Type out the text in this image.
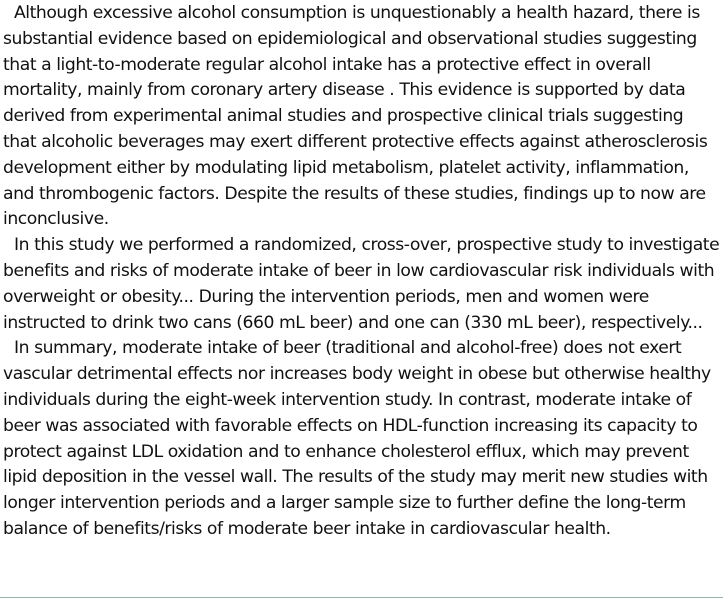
Although excessive alcohol consumption is unquestionably a health hazard, there is substantial evidence based on epidemiological and observational studies suggesting that a light-to-moderate regular alcohol intake has a protective effect in overall mortality, mainly from coronary artery disease . This evidence is supported by data derived from experimental animal studies and prospective clinical trials suggesting that alcoholic beverages may exert different protective effects against atherosclerosis development either by modulating lipid metabolism, platelet activity, inflammation, and thrombogenic factors. Despite the results of these studies, findings up to now are inconclusive.

In this study we performed a randomized, cross-over, prospective study to investigate benefits and risks of moderate intake of beer in low cardiovascular risk individuals with overweight or obesity... During the intervention periods, men and women were instructed to drink two cans (660 mL beer) and one can (330 mL beer), respectively...

In summary, moderate intake of beer (traditional and alcohol-free) does not exert vascular detrimental effects nor increases body weight in obese but otherwise healthy individuals during the eight-week intervention study. In contrast, moderate intake of beer was associated with favorable effects on HDL-function increasing its capacity to protect against LDL oxidation and to enhance cholesterol efflux, which may prevent lipid deposition in the vessel wall. The results of the study may merit new studies with longer intervention periods and a larger sample size to further define the long-term balance of benefits/risks of moderate beer intake in cardiovascular health.
